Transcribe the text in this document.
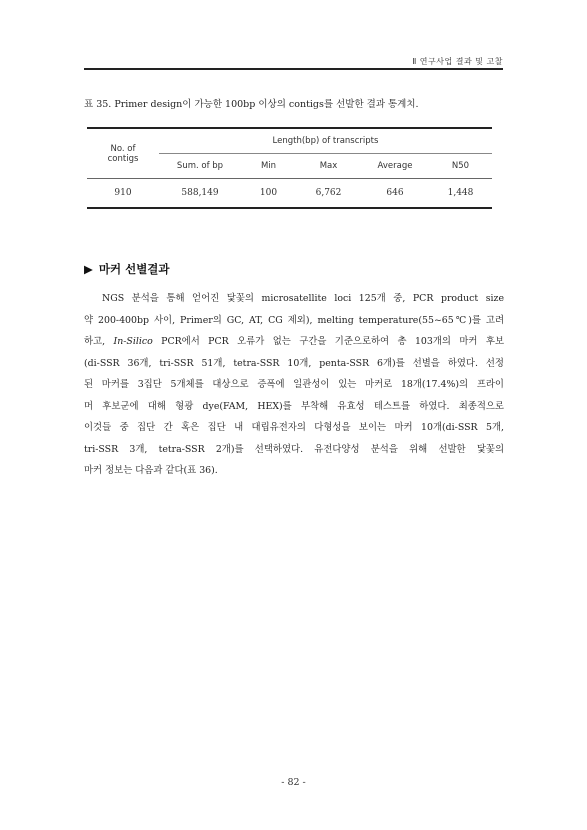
Ⅱ 연구사업 결과 및 고찰
표 35. Primer design이 가능한 100bp 이상의 contigs를 선발한 결과 통계치.
No. of
contigs	Length(bp) of transcripts				
	Sum. of bp	Min	Max	Average	N50
910	588,149	100	6,762	646	1,448
▶ 마커 선별결과
NGS 분석을 통해 얻어진 닻꽃의 microsatellite loci 125개 중, PCR product size
약 200-400bp 사이, Primer의 GC, AT, CG 제외), melting temperature(55~65℃)를 고려
하고, In-Silico PCR에서 PCR 오류가 없는 구간을 기준으로하여 총 103개의 마커 후보
(di-SSR 36개, tri-SSR 51개, tetra-SSR 10개, penta-SSR 6개)를 선별을 하였다. 선정
된 마커를 3집단 5개체를 대상으로 증폭에 일관성이 있는 마커로 18개(17.4%)의 프라이
머 후보군에 대해 형광 dye(FAM, HEX)를 부착해 유효성 테스트를 하였다. 최종적으로
이것들 중 집단 간 혹은 집단 내 대립유전자의 다형성을 보이는 마커 10개(di-SSR 5개,
tri-SSR 3개, tetra-SSR 2개)를 선택하였다. 유전다양성 분석을 위해 선발한 닻꽃의
마커 정보는 다음과 같다(표 36).
- 82 -
